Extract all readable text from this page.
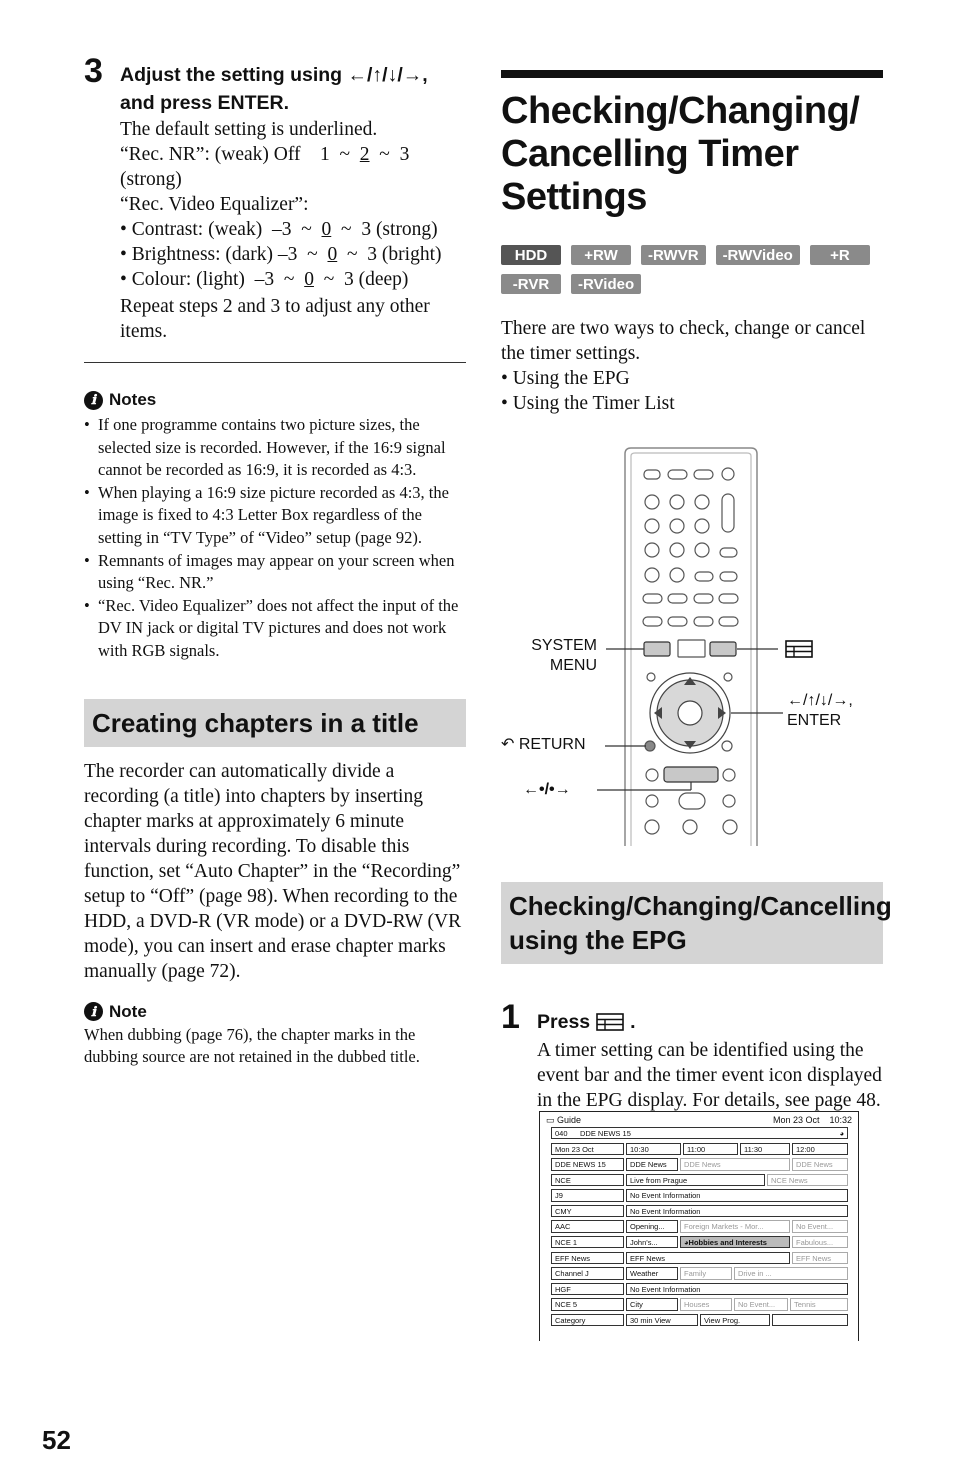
3 Adjust the setting using ←/↑/↓/→,
and press ENTER.
The default setting is underlined.
“Rec. NR”: (weak) Off    1  ~  2  ~  3
(strong)
“Rec. Video Equalizer”:
• Contrast: (weak)  –3  ~  0  ~  3 (strong)
• Brightness: (dark) –3  ~  0  ~  3 (bright)
• Colour: (light)  –3  ~  0  ~  3 (deep)
Repeat steps 2 and 3 to adjust any other
items.
ℹ Notes
• If one programme contains two picture sizes, the selected size is recorded. However, if the 16:9 signal cannot be recorded as 16:9, it is recorded as 4:3.
• When playing a 16:9 size picture recorded as 4:3, the image is fixed to 4:3 Letter Box regardless of the setting in “TV Type” of “Video” setup (page 92).
• Remnants of images may appear on your screen when using “Rec. NR.”
• “Rec. Video Equalizer” does not affect the input of the DV IN jack or digital TV pictures and does not work with RGB signals.
Creating chapters in a title

The recorder can automatically divide a recording (a title) into chapters by inserting chapter marks at approximately 6 minute intervals during recording. To disable this function, set “Auto Chapter” in the “Recording” setup to “Off” (page 98). When recording to the HDD, a DVD-R (VR mode) or a DVD-RW (VR mode), you can insert and erase chapter marks manually (page 72).

ℹ Note

When dubbing (page 76), the chapter marks in the dubbing source are not retained in the dubbed title.

Checking/Changing/ Cancelling Timer Settings
HDD	+RW	-RWVR	-RWVideo	+R
-RVR	-RVideo

There are two ways to check, change or cancel the timer settings.

• Using the EPG

• Using the Timer List

SYSTEM
MENU
←/↑/↓/→,
ENTER
↶ RETURN
←•/•→
Checking/Changing/Cancelling using the EPG
1 Press .

A timer setting can be identified using the event bar and the timer event icon displayed in the EPG display. For details, see page 48.

▭ Guide	Mon 23 Oct    10:32
040      DDE NEWS 15	◕
Mon 23 Oct	10:30	11:00	11:30	12:00
DDE NEWS 15	DDE News	DDE News	DDE News
NCE	Live from Prague	NCE News
J9	No Event Information
CMY	No Event Information
AAC	Opening...	Foreign Markets - Mor...	No Event...
NCE 1	John's...	◕Hobbies and Interests	Fabulous...
EFF News	EFF News	EFF News
Channel J	Weather	Family	Drive in ...
HGF	No Event Information
NCE 5	City	Houses	No Event...	Tennis
Category	30 min View	View Prog.
52
